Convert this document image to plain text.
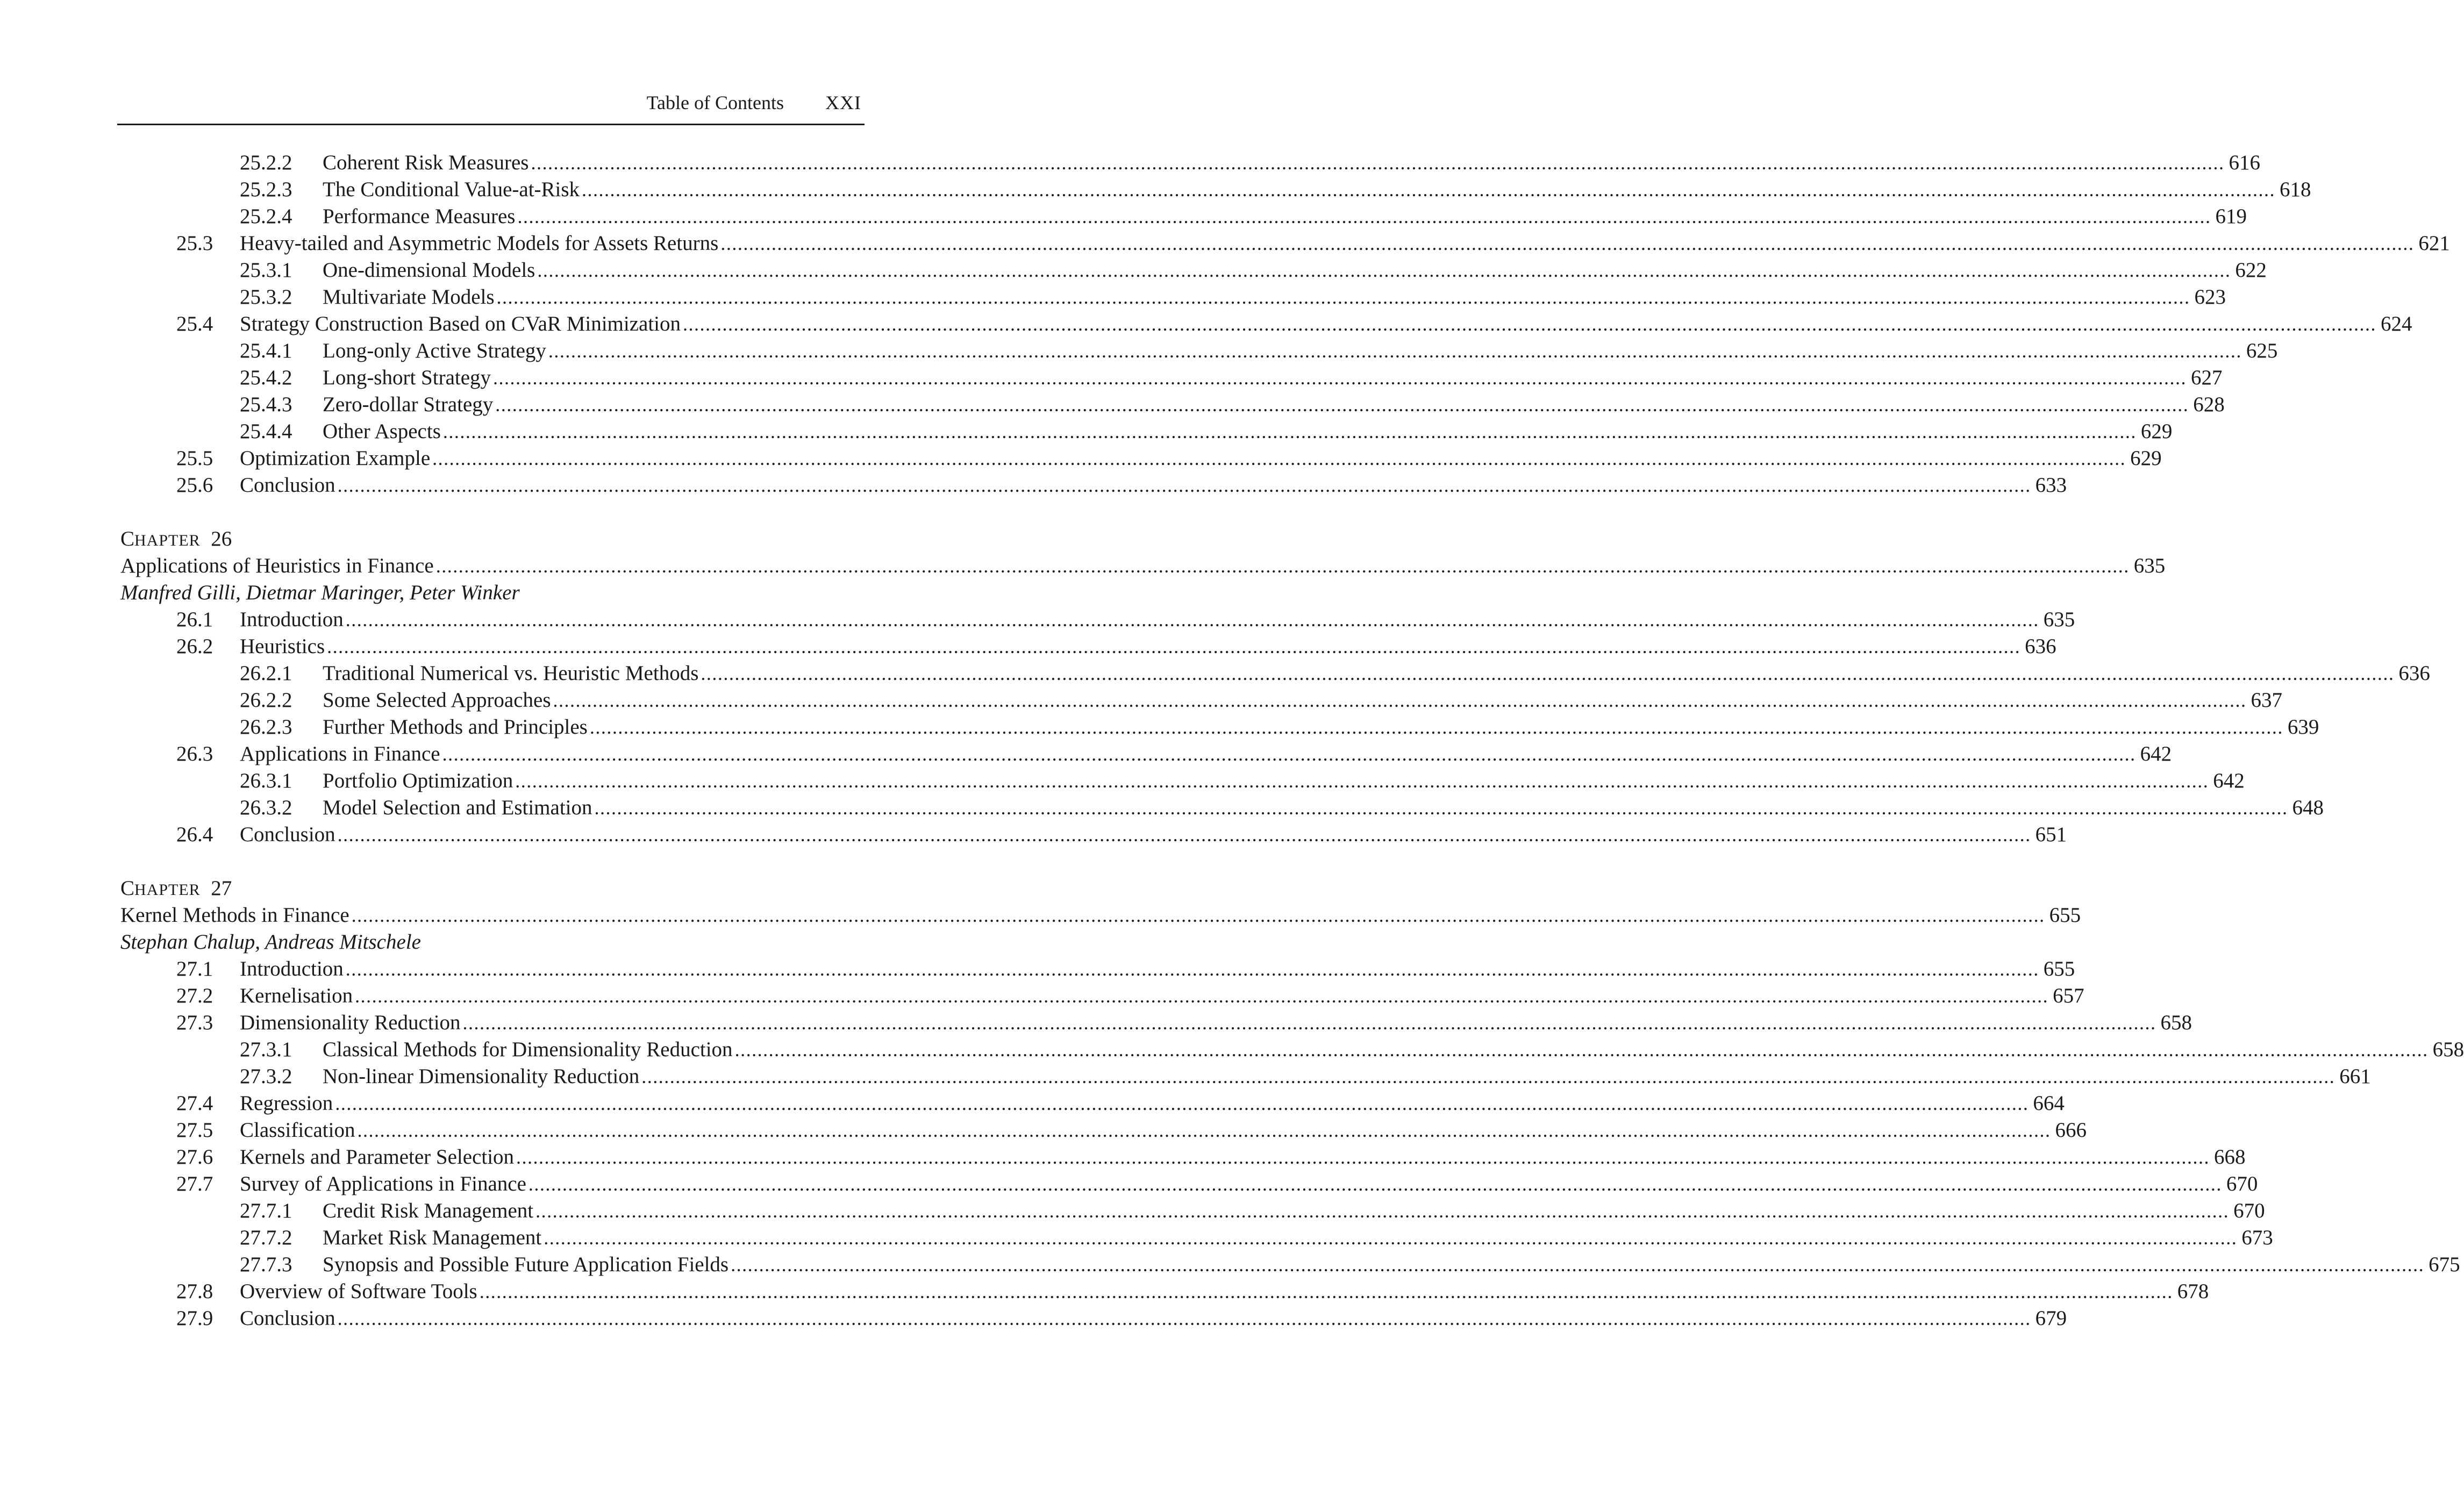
Table of Contents XXI
25.2.2 Coherent Risk Measures ............................................................................................................................................................................................................................................................................................................ 616
25.2.3 The Conditional Value-at-Risk ............................................................................................................................................................................................................................................................................................................ 618
25.2.4 Performance Measures ............................................................................................................................................................................................................................................................................................................ 619
25.3 Heavy-tailed and Asymmetric Models for Assets Returns ............................................................................................................................................................................................................................................................................................................ 621
25.3.1 One-dimensional Models ............................................................................................................................................................................................................................................................................................................ 622
25.3.2 Multivariate Models ............................................................................................................................................................................................................................................................................................................ 623
25.4 Strategy Construction Based on CVaR Minimization ............................................................................................................................................................................................................................................................................................................ 624
25.4.1 Long-only Active Strategy ............................................................................................................................................................................................................................................................................................................ 625
25.4.2 Long-short Strategy ............................................................................................................................................................................................................................................................................................................ 627
25.4.3 Zero-dollar Strategy ............................................................................................................................................................................................................................................................................................................ 628
25.4.4 Other Aspects ............................................................................................................................................................................................................................................................................................................ 629
25.5 Optimization Example ............................................................................................................................................................................................................................................................................................................ 629
25.6 Conclusion ............................................................................................................................................................................................................................................................................................................ 633
CHAPTER 26
Applications of Heuristics in Finance ............................................................................................................................................................................................................................................................................................................ 635
Manfred Gilli, Dietmar Maringer, Peter Winker
26.1 Introduction ............................................................................................................................................................................................................................................................................................................ 635
26.2 Heuristics ............................................................................................................................................................................................................................................................................................................ 636
26.2.1 Traditional Numerical vs. Heuristic Methods ............................................................................................................................................................................................................................................................................................................ 636
26.2.2 Some Selected Approaches ............................................................................................................................................................................................................................................................................................................ 637
26.2.3 Further Methods and Principles ............................................................................................................................................................................................................................................................................................................ 639
26.3 Applications in Finance ............................................................................................................................................................................................................................................................................................................ 642
26.3.1 Portfolio Optimization ............................................................................................................................................................................................................................................................................................................ 642
26.3.2 Model Selection and Estimation ............................................................................................................................................................................................................................................................................................................ 648
26.4 Conclusion ............................................................................................................................................................................................................................................................................................................ 651
CHAPTER 27
Kernel Methods in Finance ............................................................................................................................................................................................................................................................................................................ 655
Stephan Chalup, Andreas Mitschele
27.1 Introduction ............................................................................................................................................................................................................................................................................................................ 655
27.2 Kernelisation ............................................................................................................................................................................................................................................................................................................ 657
27.3 Dimensionality Reduction ............................................................................................................................................................................................................................................................................................................ 658
27.3.1 Classical Methods for Dimensionality Reduction ............................................................................................................................................................................................................................................................................................................ 658
27.3.2 Non-linear Dimensionality Reduction ............................................................................................................................................................................................................................................................................................................ 661
27.4 Regression ............................................................................................................................................................................................................................................................................................................ 664
27.5 Classification ............................................................................................................................................................................................................................................................................................................ 666
27.6 Kernels and Parameter Selection ............................................................................................................................................................................................................................................................................................................ 668
27.7 Survey of Applications in Finance ............................................................................................................................................................................................................................................................................................................ 670
27.7.1 Credit Risk Management ............................................................................................................................................................................................................................................................................................................ 670
27.7.2 Market Risk Management ............................................................................................................................................................................................................................................................................................................ 673
27.7.3 Synopsis and Possible Future Application Fields ............................................................................................................................................................................................................................................................................................................ 675
27.8 Overview of Software Tools ............................................................................................................................................................................................................................................................................................................ 678
27.9 Conclusion ............................................................................................................................................................................................................................................................................................................ 679
